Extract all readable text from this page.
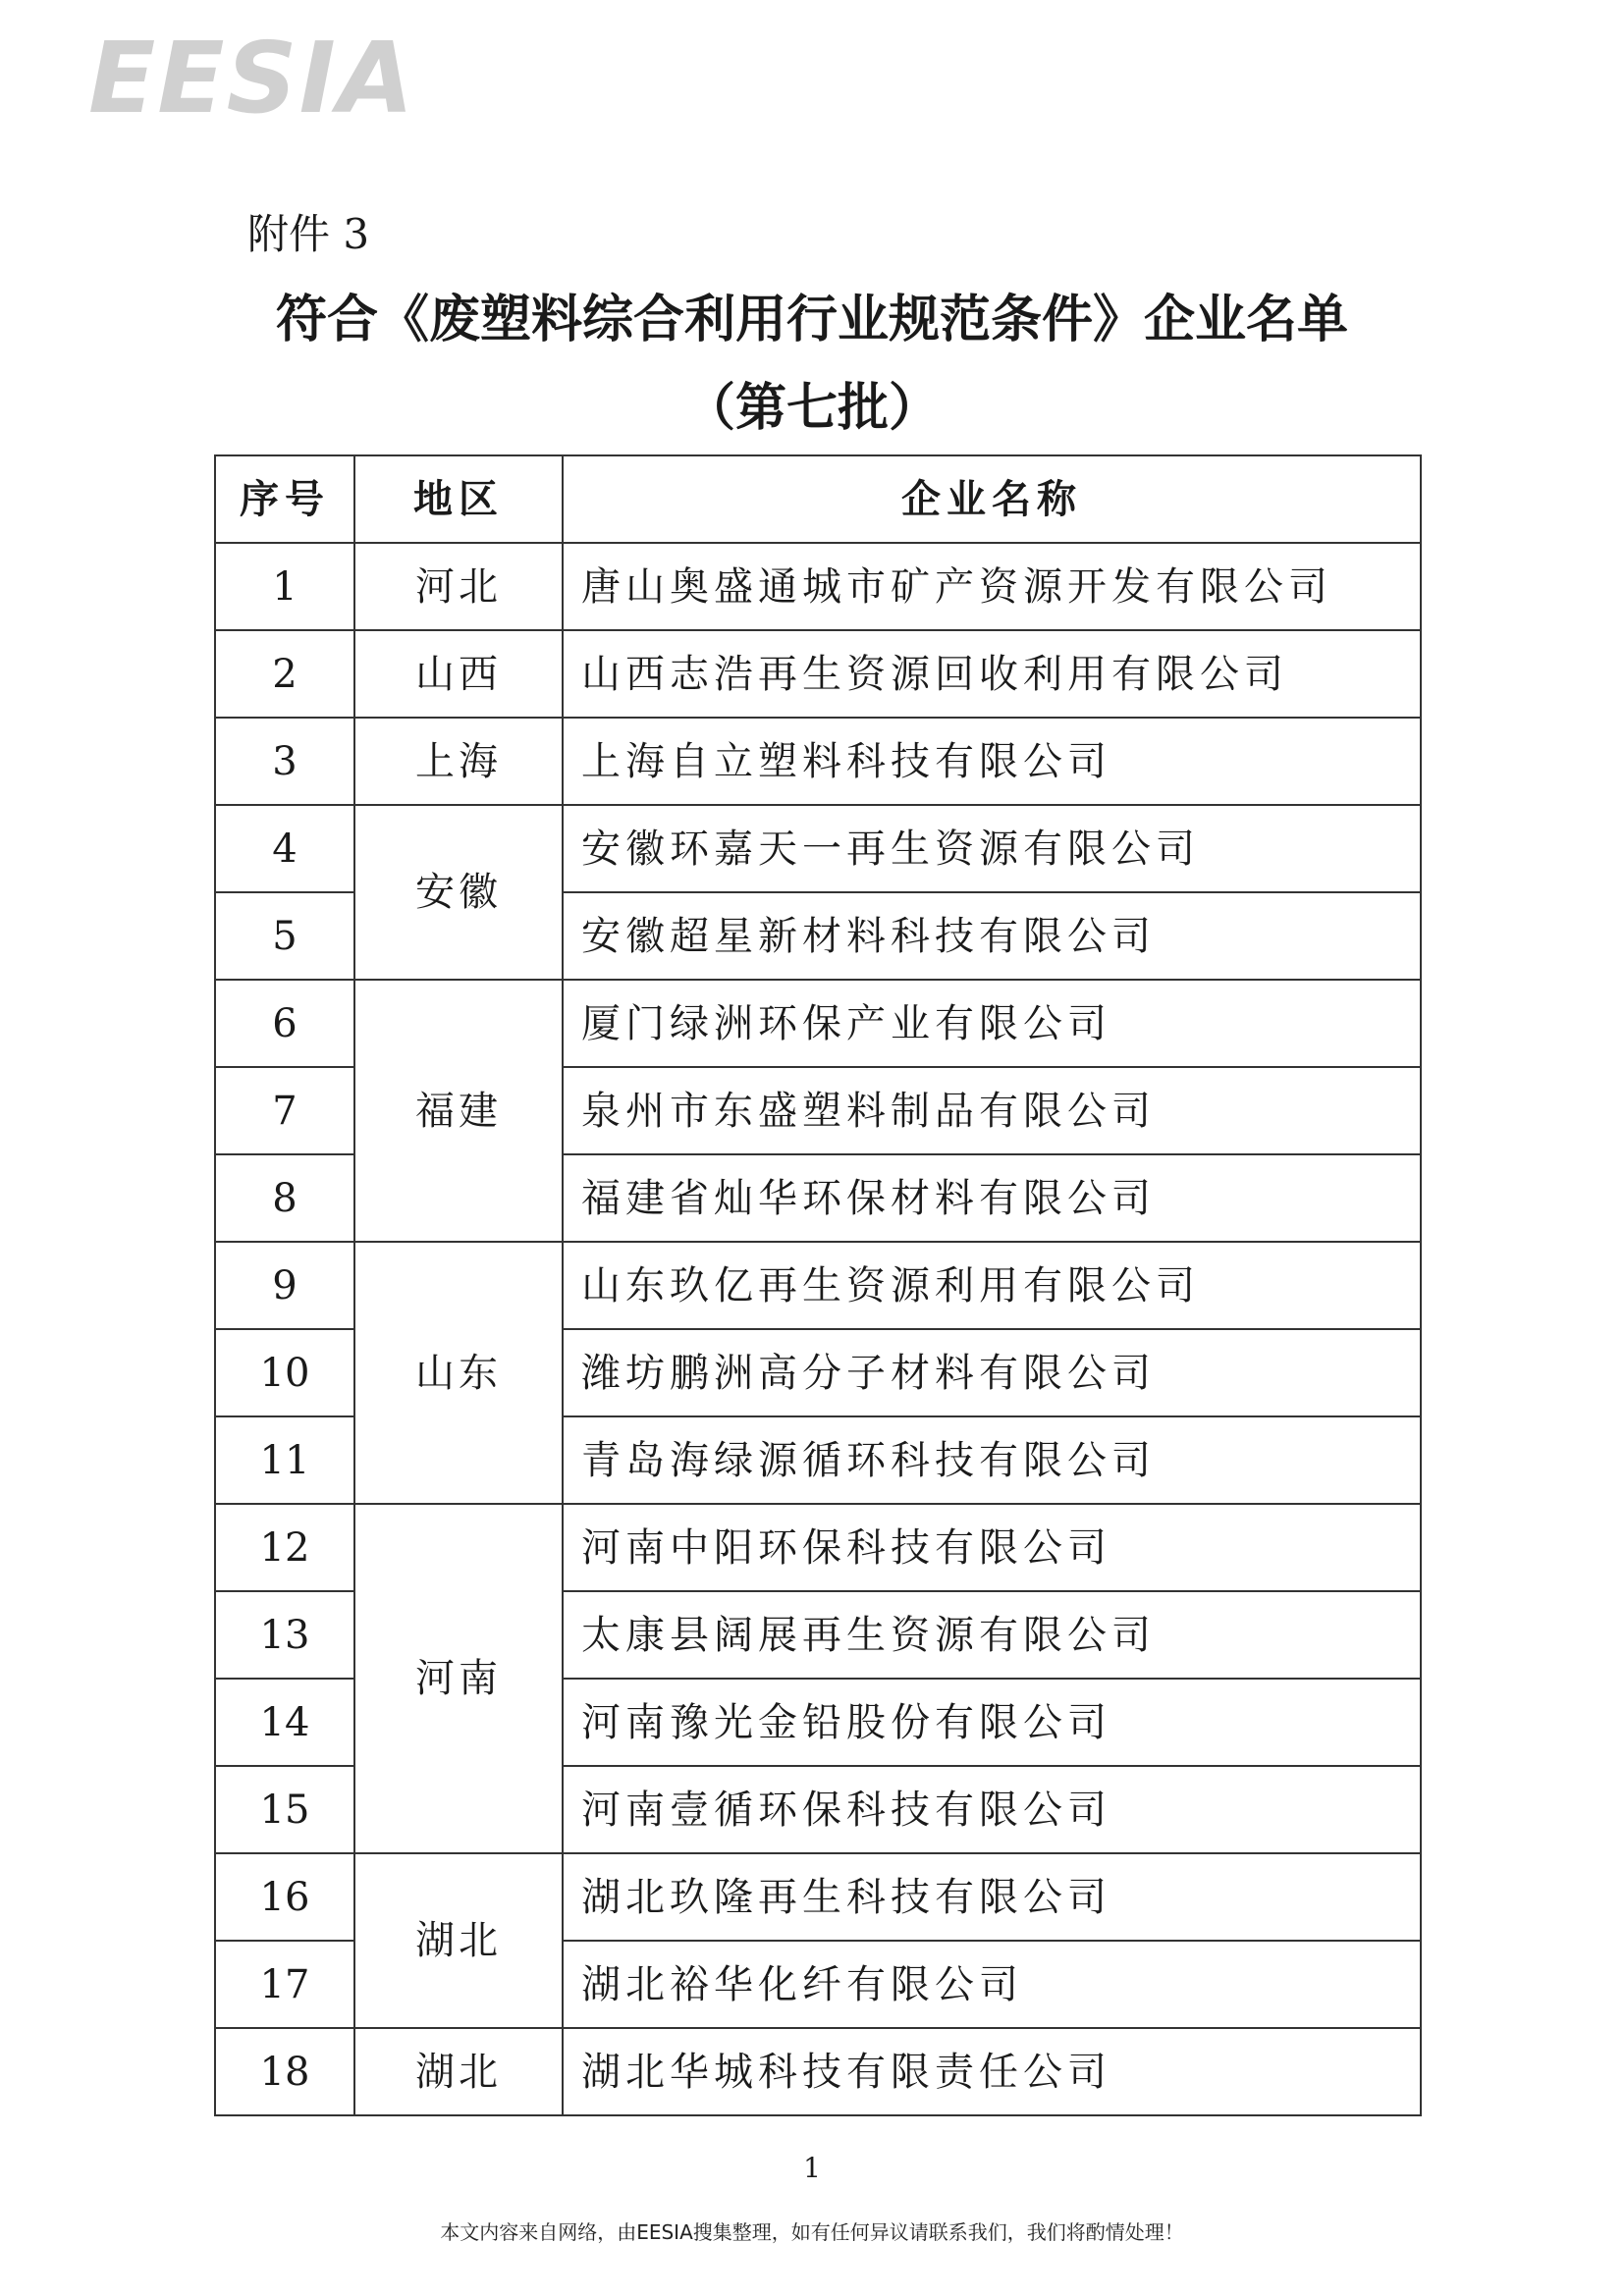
EESIA
附件 3
符合《废塑料综合利用行业规范条件》企业名单
（第七批）
序号	地区	企业名称
1	河北	唐山奥盛通城市矿产资源开发有限公司
2	山西	山西志浩再生资源回收利用有限公司
3	上海	上海自立塑料科技有限公司
4	安徽	安徽环嘉天一再生资源有限公司
5		安徽超星新材料科技有限公司
6	福建	厦门绿洲环保产业有限公司
7		泉州市东盛塑料制品有限公司
8		福建省灿华环保材料有限公司
9	山东	山东玖亿再生资源利用有限公司
10		潍坊鹏洲高分子材料有限公司
11		青岛海绿源循环科技有限公司
12	河南	河南中阳环保科技有限公司
13		太康县阔展再生资源有限公司
14		河南豫光金铅股份有限公司
15		河南壹循环保科技有限公司
16	湖北	湖北玖隆再生科技有限公司
17		湖北裕华化纤有限公司
18	湖北	湖北华城科技有限责任公司
1
本文内容来自网络，由EESIA搜集整理，如有任何异议请联系我们，我们将酌情处理！
